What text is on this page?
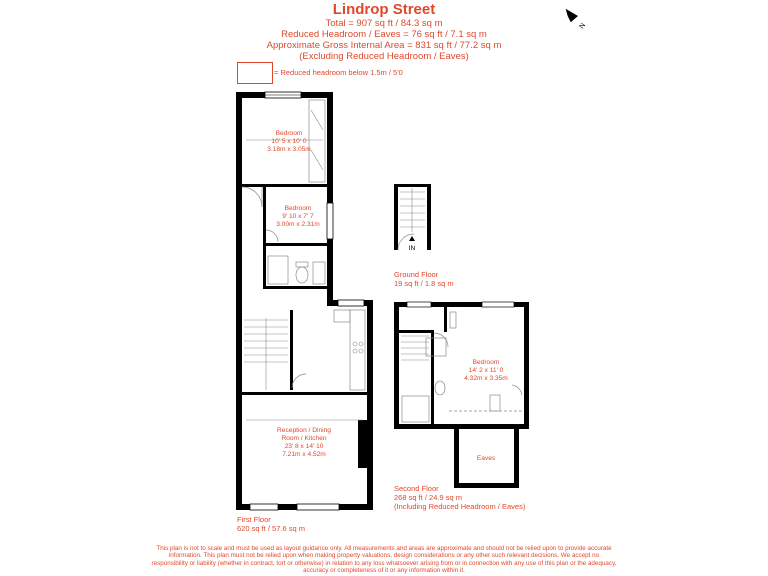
Lindrop Street
Total = 907 sq ft / 84.3 sq m
Reduced Headroom / Eaves = 76 sq ft / 7.1 sq m
Approximate Gross Internal Area = 831 sq ft / 77.2 sq m
(Excluding Reduced Headroom / Eaves)
= Reduced headroom below 1.5m / 5'0
N
Bedroom
10' 5 x 10' 0
3.18m x 3.05m
Bedroom
9' 10 x 7' 7
3.00m x 2.31m
Reception / Dining
Room / Kitchen
23' 8 x 14' 10
7.21m x 4.52m
Bedroom
14' 2 x 11' 0
4.32m x 3.35m
Eaves
IN
First Floor
620 sq ft / 57.6 sq m
Ground Floor
19 sq ft / 1.8 sq m
Second Floor
268 sq ft / 24.9 sq m
(Including Reduced Headroom / Eaves)
This plan is not to scale and must be used as layout guidance only. All measurements and areas are approximate and should not be relied upon to provide accurate information. This plan must not be relied upon when making property valuations, design considerations or any other such relevant decisions. We accept no responsibility or liability (whether in contract, tort or otherwise) in relation to any loss whatsoever arising from or in connection with any use of this plan or the adequacy, accuracy or completeness of it or any information within it.
